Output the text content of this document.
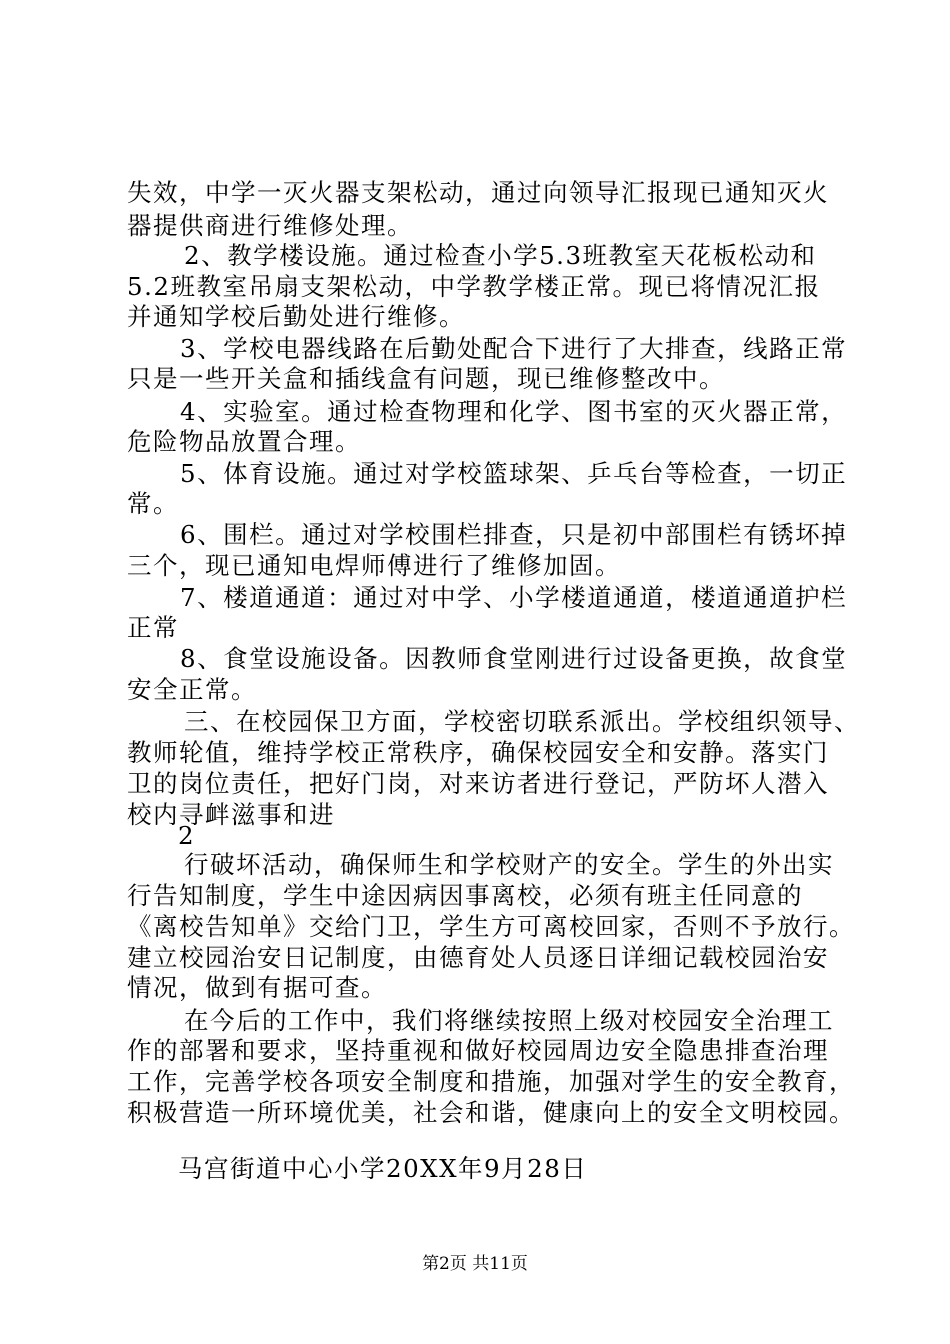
失效，中学一灭火器支架松动，通过向领导汇报现已通知灭火
器提供商进行维修处理。
2、教学楼设施。通过检查小学5.3班教室天花板松动和
5.2班教室吊扇支架松动，中学教学楼正常。现已将情况汇报
并通知学校后勤处进行维修。
3、学校电器线路在后勤处配合下进行了大排查，线路正常
只是一些开关盒和插线盒有问题，现已维修整改中。
4、实验室。通过检查物理和化学、图书室的灭火器正常，
危险物品放置合理。
5、体育设施。通过对学校篮球架、乒乓台等检查，一切正
常。
6、围栏。通过对学校围栏排查，只是初中部围栏有锈坏掉
三个，现已通知电焊师傅进行了维修加固。
7、楼道通道：通过对中学、小学楼道通道，楼道通道护栏
正常
8、食堂设施设备。因教师食堂刚进行过设备更换，故食堂
安全正常。
三、在校园保卫方面，学校密切联系派出。学校组织领导、
教师轮值，维持学校正常秩序，确保校园安全和安静。落实门
卫的岗位责任，把好门岗，对来访者进行登记，严防坏人潜入
校内寻衅滋事和进
2
行破坏活动，确保师生和学校财产的安全。学生的外出实
行告知制度，学生中途因病因事离校，必须有班主任同意的
《离校告知单》交给门卫，学生方可离校回家，否则不予放行。
建立校园治安日记制度，由德育处人员逐日详细记载校园治安
情况，做到有据可查。
在今后的工作中，我们将继续按照上级对校园安全治理工
作的部署和要求，坚持重视和做好校园周边安全隐患排查治理
工作，完善学校各项安全制度和措施，加强对学生的安全教育，
积极营造一所环境优美，社会和谐，健康向上的安全文明校园。
马宫街道中心小学20XX年9月28日
第2页 共11页
